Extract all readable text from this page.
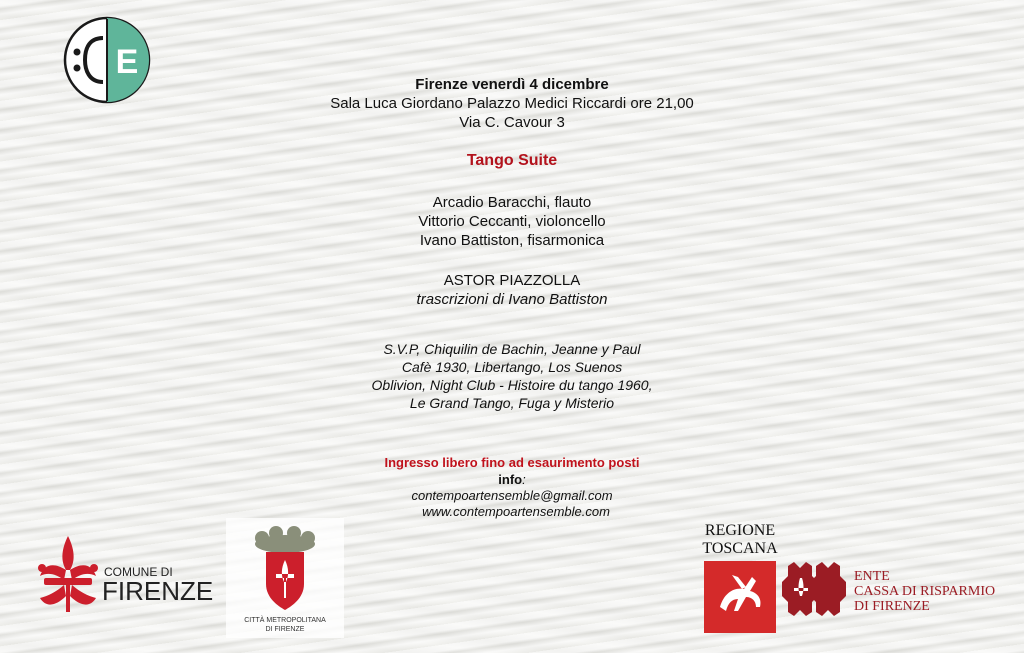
E
Firenze venerdì 4 dicembre
Sala Luca Giordano Palazzo Medici Riccardi ore 21,00
Via C. Cavour 3
Tango Suite
Arcadio Baracchi, flauto
Vittorio Ceccanti, violoncello
Ivano Battiston, fisarmonica
ASTOR PIAZZOLLA
trascrizioni di Ivano Battiston
S.V.P, Chiquilin de Bachin, Jeanne y Paul
Cafè 1930, Libertango, Los Suenos
Oblivion, Night Club - Histoire du tango 1960,
Le Grand Tango, Fuga y Misterio
Ingresso libero fino ad esaurimento posti
info:
contempoartensemble@gmail.com
www.contempoartensemble.com
COMUNE DI
FIRENZE
CITTÀ METROPOLITANA
DI FIRENZE
REGIONE
TOSCANA
ENTE
CASSA DI RISPARMIO
DI FIRENZE
